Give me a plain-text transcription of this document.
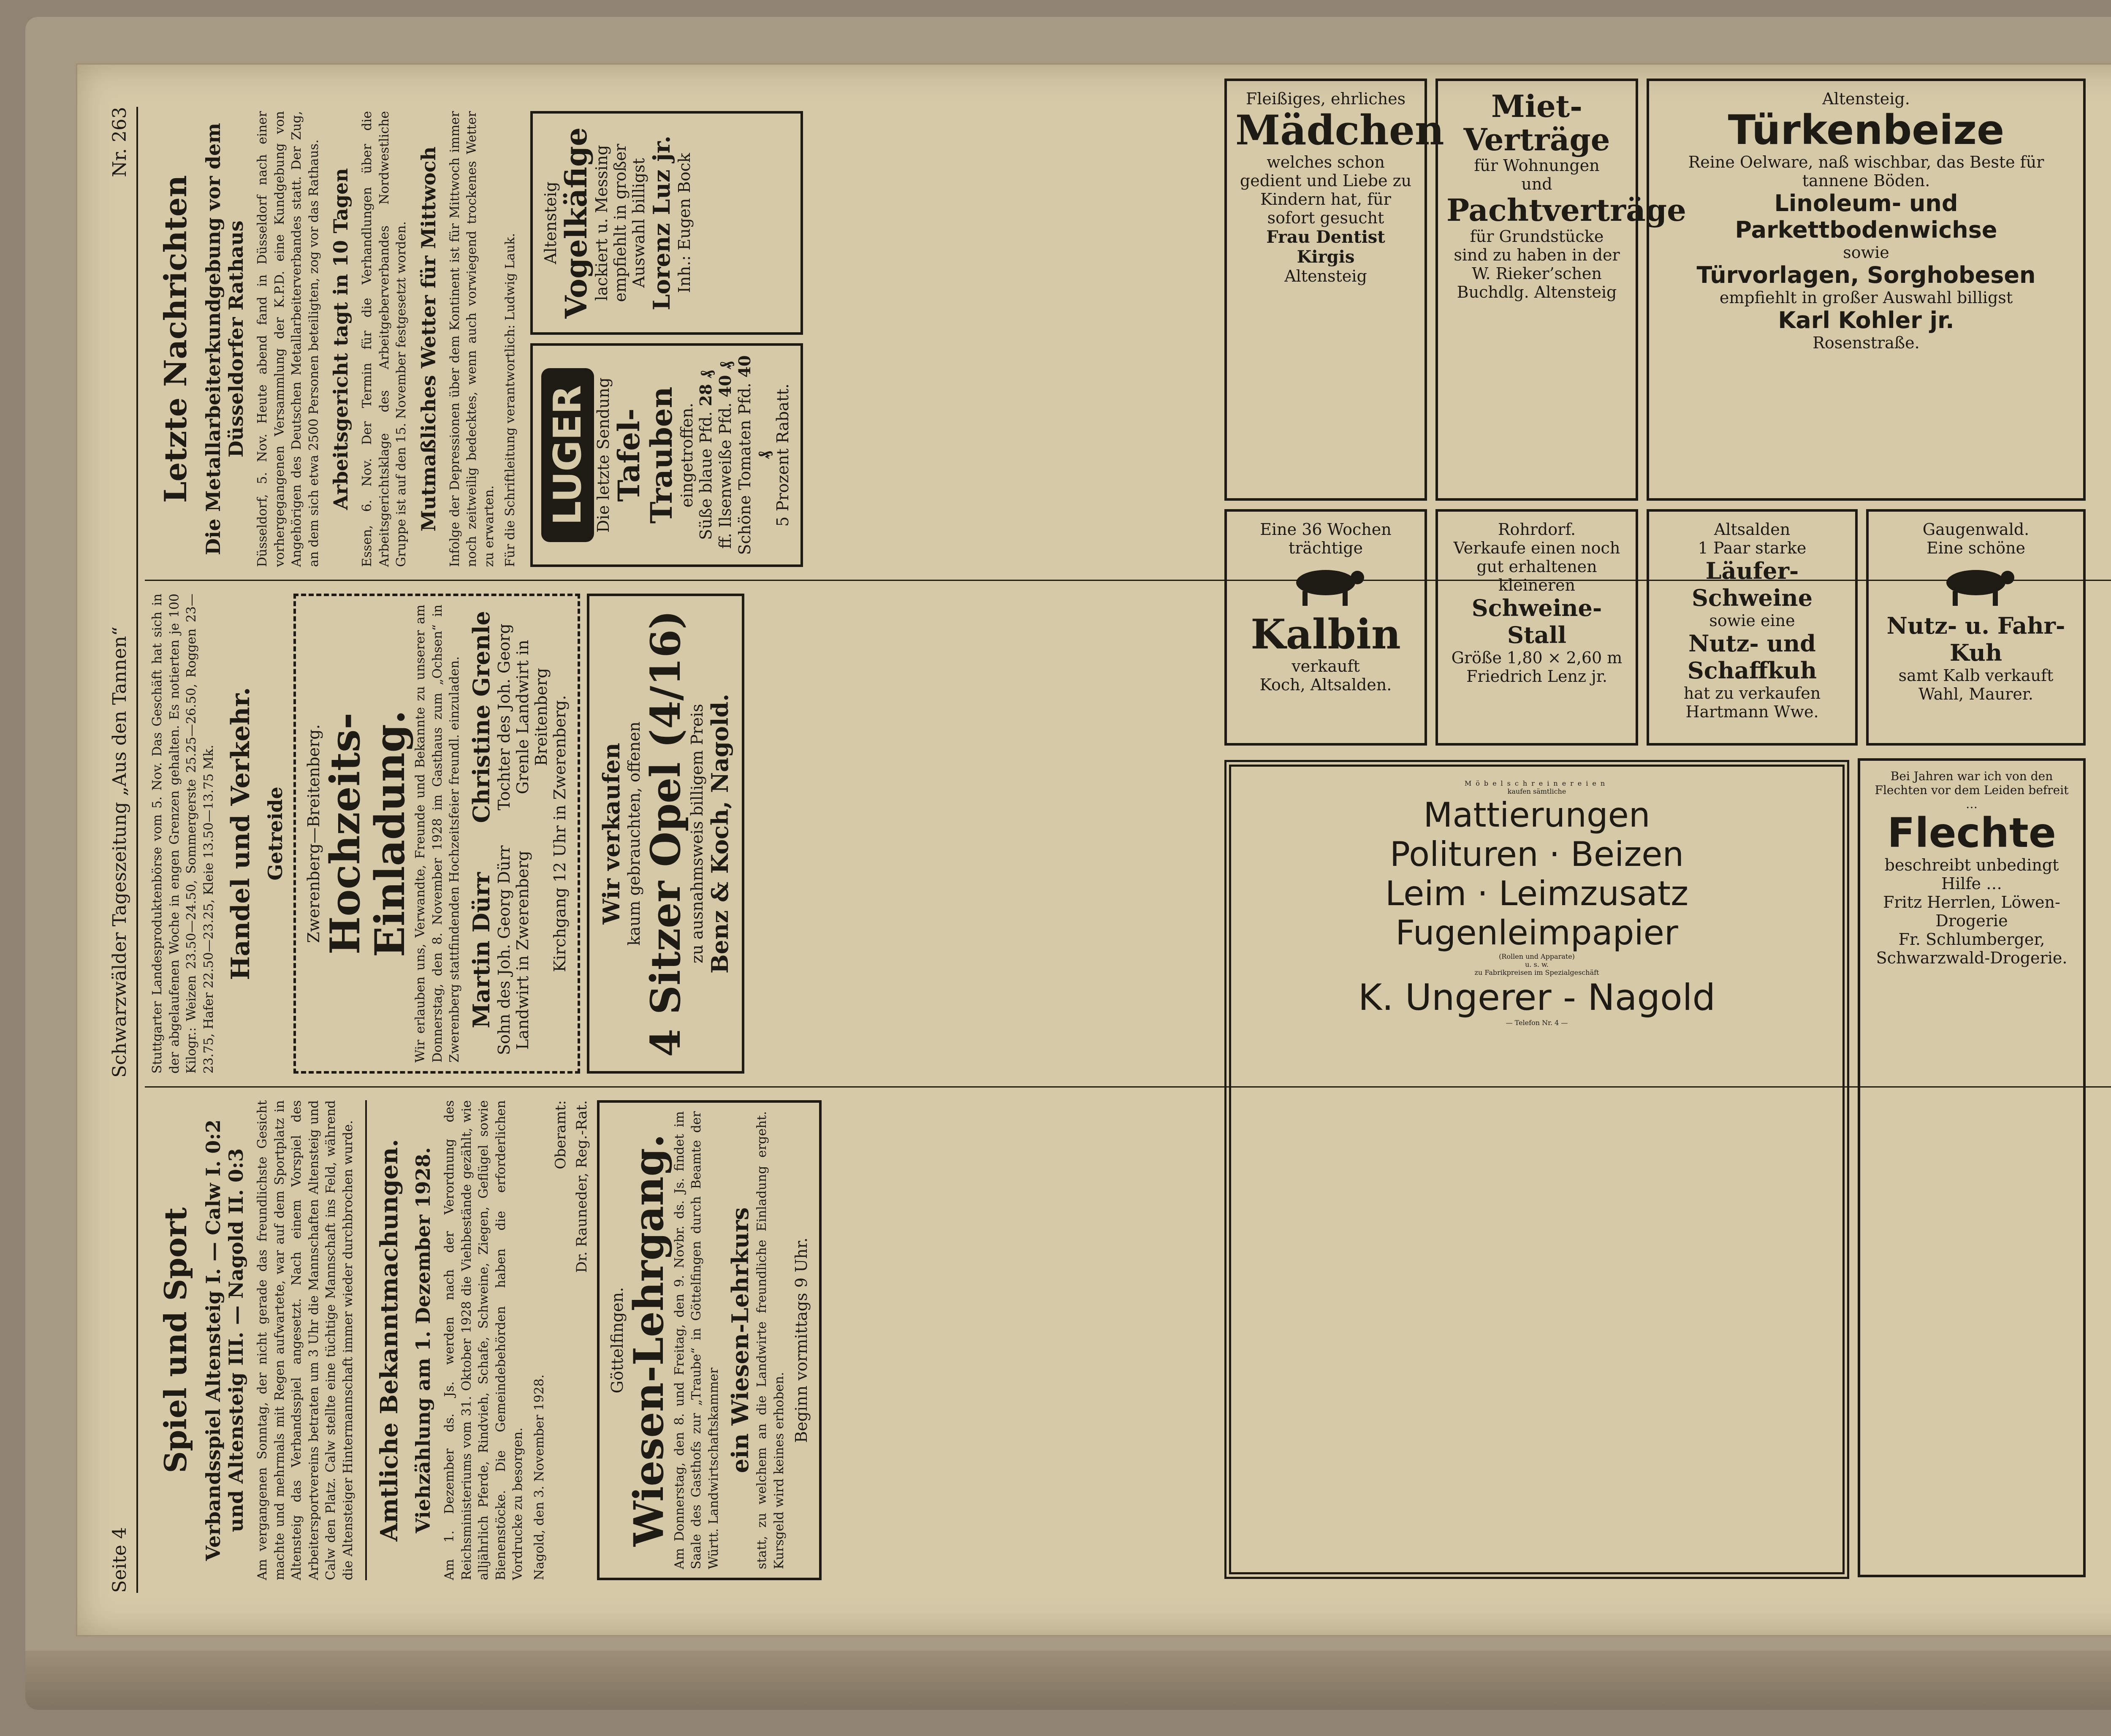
Seite 4
Schwarzwälder Tageszeitung „Aus den Tannen“
Nr. 263
Spiel und Sport Verbandsspiel Altensteig I. — Calw I. 0:2 und Altensteig III. — Nagold II. 0:3 Am vergangenen Sonntag, der nicht gerade das freundlichste Gesicht machte und mehrmals mit Regen aufwartete, war auf dem Sportplatz in Altensteig das Verbandsspiel angesetzt. Nach einem Vorspiel des Arbeitersportvereins betraten um 3 Uhr die Mannschaften Altensteig und Calw den Platz. Calw stellte eine tüchtige Mannschaft ins Feld, während die Altensteiger Hintermannschaft immer wieder durchbrochen wurde. Amtliche Bekanntmachungen. Viehzählung am 1. Dezember 1928. Am 1. Dezember ds. Js. werden nach der Verordnung des Reichsministeriums vom 31. Oktober 1928 die Viehbestände gezählt, wie alljährlich Pferde, Rindvieh, Schafe, Schweine, Ziegen, Geflügel sowie Bienenstöcke. Die Gemeindebehörden haben die erforderlichen Vordrucke zu besorgen. Nagold, den 3. November 1928.

Oberamt: Dr. Rauneder, Reg.-Rat.
Göttelfingen.
Wiesen-Lehrgang.

Am Donnerstag, den 8. und Freitag, den 9. Novbr. ds. Js. findet im Saale des Gasthofs zur „Traube“ in Göttelfingen durch Beamte der Württ. Landwirtschaftskammer ein Wiesen-Lehrkurs statt, zu welchem an die Landwirte freundliche Einladung ergeht. Kursgeld wird keines erhoben.

Beginn vormittags 9 Uhr.

Stuttgarter Landesproduktenbörse vom 5. Nov. Das Geschäft hat sich in der abgelaufenen Woche in engen Grenzen gehalten. Es notierten je 100 Kilogr.: Weizen 23.50—24.50, Sommergerste 25.25—26.50, Roggen 23—23.75, Hafer 22.50—23.25, Kleie 13.50—13.75 Mk. Handel und Verkehr. Getreide Zwerenberg—Breitenberg.
Hochzeits-Einladung.

Wir erlauben uns, Verwandte, Freunde und Bekannte zu unserer am Donnerstag, den 8. November 1928 im Gasthaus zum „Ochsen“ in Zwerenberg stattfindenden Hochzeitsfeier freundl. einzuladen. Martin Dürr Sohn des Joh. Georg Dürr Landwirt in Zwerenberg
Christine Grenle Tochter des Joh. Georg Grenle Landwirt in Breitenberg Kirchgang 12 Uhr in Zwerenberg. Wir verkaufen kaum gebrauchten, offenen
4 Sitzer Opel (4/16)
zu ausnahmsweis billigem Preis Benz & Koch, Nagold.
Letzte Nachrichten Die Metallarbeiterkundgebung vor dem Düsseldorfer Rathaus Düsseldorf, 5. Nov. Heute abend fand in Düsseldorf nach einer vorhergegangenen Versammlung der K.P.D. eine Kundgebung von Angehörigen des Deutschen Metallarbeiterverbandes statt. Der Zug, an dem sich etwa 2500 Personen beteiligten, zog vor das Rathaus. Arbeitsgericht tagt in 10 Tagen Essen, 6. Nov. Der Termin für die Verhandlungen über die Arbeitsgerichtsklage des Arbeitgeberverbandes Nordwestliche Gruppe ist auf den 15. November festgesetzt worden. Mutmaßliches Wetter für Mittwoch Infolge der Depressionen über dem Kontinent ist für Mittwoch immer noch zeitweilig bedecktes, wenn auch vorwiegend trockenes Wetter zu erwarten. Für die Schriftleitung verantwortlich: Ludwig Lauk. LUGER Die letzte Sendung
Tafel-Trauben
eingetroffen. Süße blaue Pfd. 28 ₰
ff. Ilsenweiße Pfd. 40 ₰
Schöne Tomaten Pfd. 40 ₰ 5 Prozent Rabatt.
Altensteig
Vogelkäfige
lackiert u. Messing empfiehlt in großer Auswahl billigst Lorenz Luz jr. Inh.: Eugen Bock
Fleißiges, ehrliches
Mädchen
welches schon gedient und Liebe zu Kindern hat, für sofort gesucht
Frau Dentist Kirgis
Altensteig
Miet-Verträge
für Wohnungen
und
Pachtverträge
für Grundstücke
sind zu haben in der
W. Rieker’schen Buchdlg. Altensteig
Altensteig.
Türkenbeize
Reine Oelware, naß wischbar, das Beste für tannene Böden.
Linoleum- und Parkettbodenwichse
sowie
Türvorlagen, Sorghobesen
empfiehlt in großer Auswahl billigst
Karl Kohler jr.
Rosenstraße.
Eine 36 Wochen trächtige
Kalbin
verkauft
Koch, Altsalden.
Rohrdorf.
Verkaufe einen noch gut erhaltenen kleineren
Schweine-Stall
Größe 1,80 × 2,60 m
Friedrich Lenz jr.
Altsalden
1 Paar starke
Läufer-Schweine
sowie eine
Nutz- und Schaffkuh
hat zu verkaufen
Hartmann Wwe.
Gaugenwald.
Eine schöne
Nutz- u. Fahr-Kuh
samt Kalb verkauft
Wahl, Maurer.
Möbelschreinereien
kaufen sämtliche
Mattierungen
Polituren · Beizen
Leim · Leimzusatz
Fugenleimpapier
(Rollen und Apparate)
u. s. w.
zu Fabrikpreisen im Spezialgeschäft
K. Ungerer - Nagold
— Telefon Nr. 4 —
Bei Jahren war ich von den Flechten vor dem Leiden befreit …
Flechte
beschreibt unbedingt Hilfe …
Fritz Herrlen, Löwen-Drogerie
Fr. Schlumberger, Schwarzwald-Drogerie.
